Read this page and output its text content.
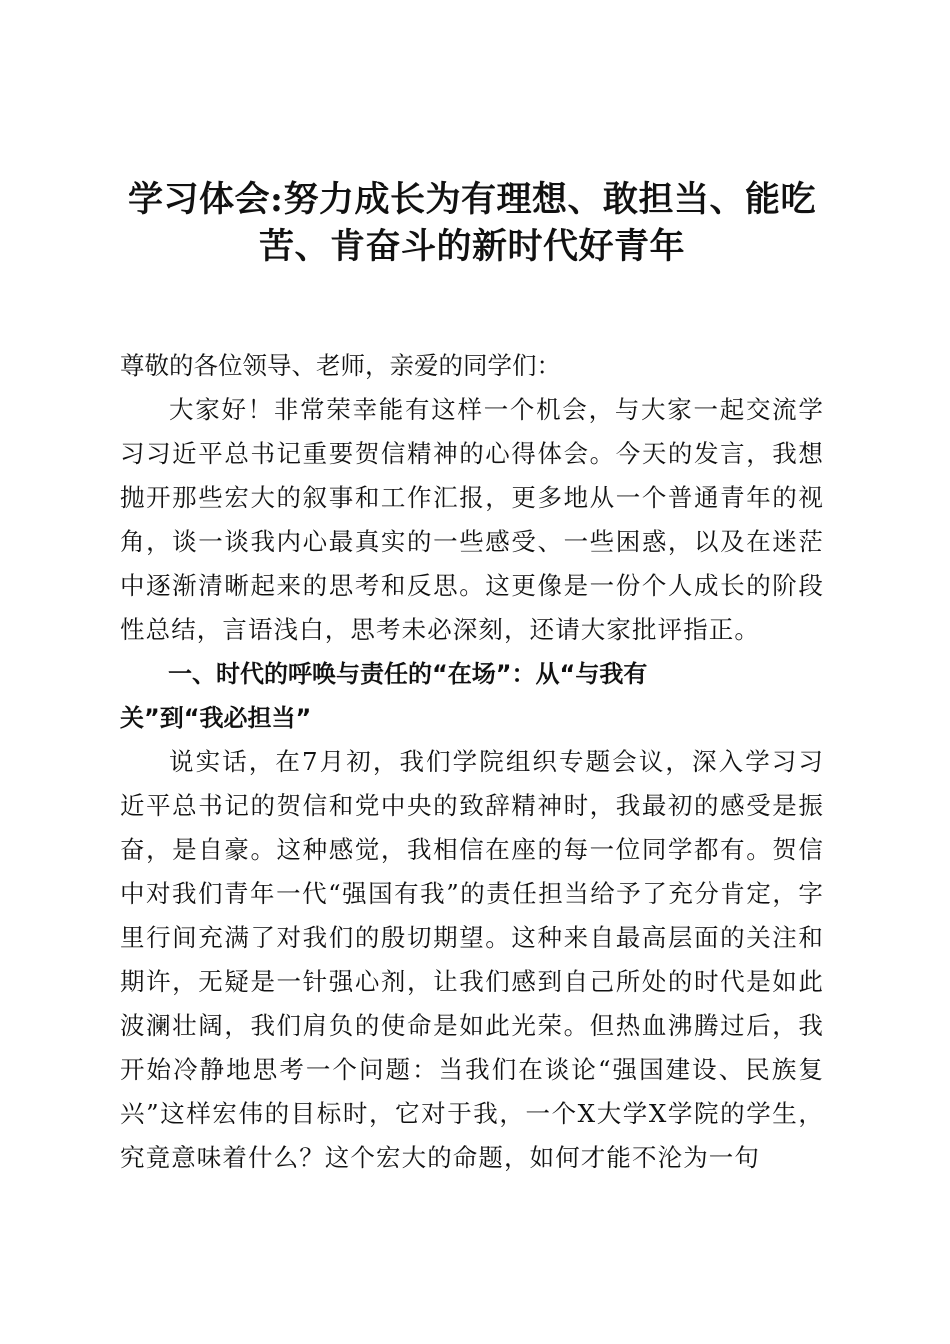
学习体会:努力成长为有理想、敢担当、能吃
苦、肯奋斗的新时代好青年

尊敬的各位领导、老师，亲爱的同学们：

大家好！非常荣幸能有这样一个机会，与大家一起交流学习习近平总书记重要贺信精神的心得体会。今天的发言，我想抛开那些宏大的叙事和工作汇报，更多地从一个普通青年的视角，谈一谈我内心最真实的一些感受、一些困惑，以及在迷茫中逐渐清晰起来的思考和反思。这更像是一份个人成长的阶段性总结，言语浅白，思考未必深刻，还请大家批评指正。

一、时代的呼唤与责任的“在场”：从“与我有关”到“我必担当”

说实话，在7月初，我们学院组织专题会议，深入学习习近平总书记的贺信和党中央的致辞精神时，我最初的感受是振奋，是自豪。这种感觉，我相信在座的每一位同学都有。贺信中对我们青年一代“强国有我”的责任担当给予了充分肯定，字里行间充满了对我们的殷切期望。这种来自最高层面的关注和期许，无疑是一针强心剂，让我们感到自己所处的时代是如此波澜壮阔，我们肩负的使命是如此光荣。但热血沸腾过后，我开始冷静地思考一个问题：当我们在谈论“强国建设、民族复兴”这样宏伟的目标时，它对于我，一个X大学X学院的学生，究竟意味着什么？这个宏大的命题，如何才能不沦为一句
